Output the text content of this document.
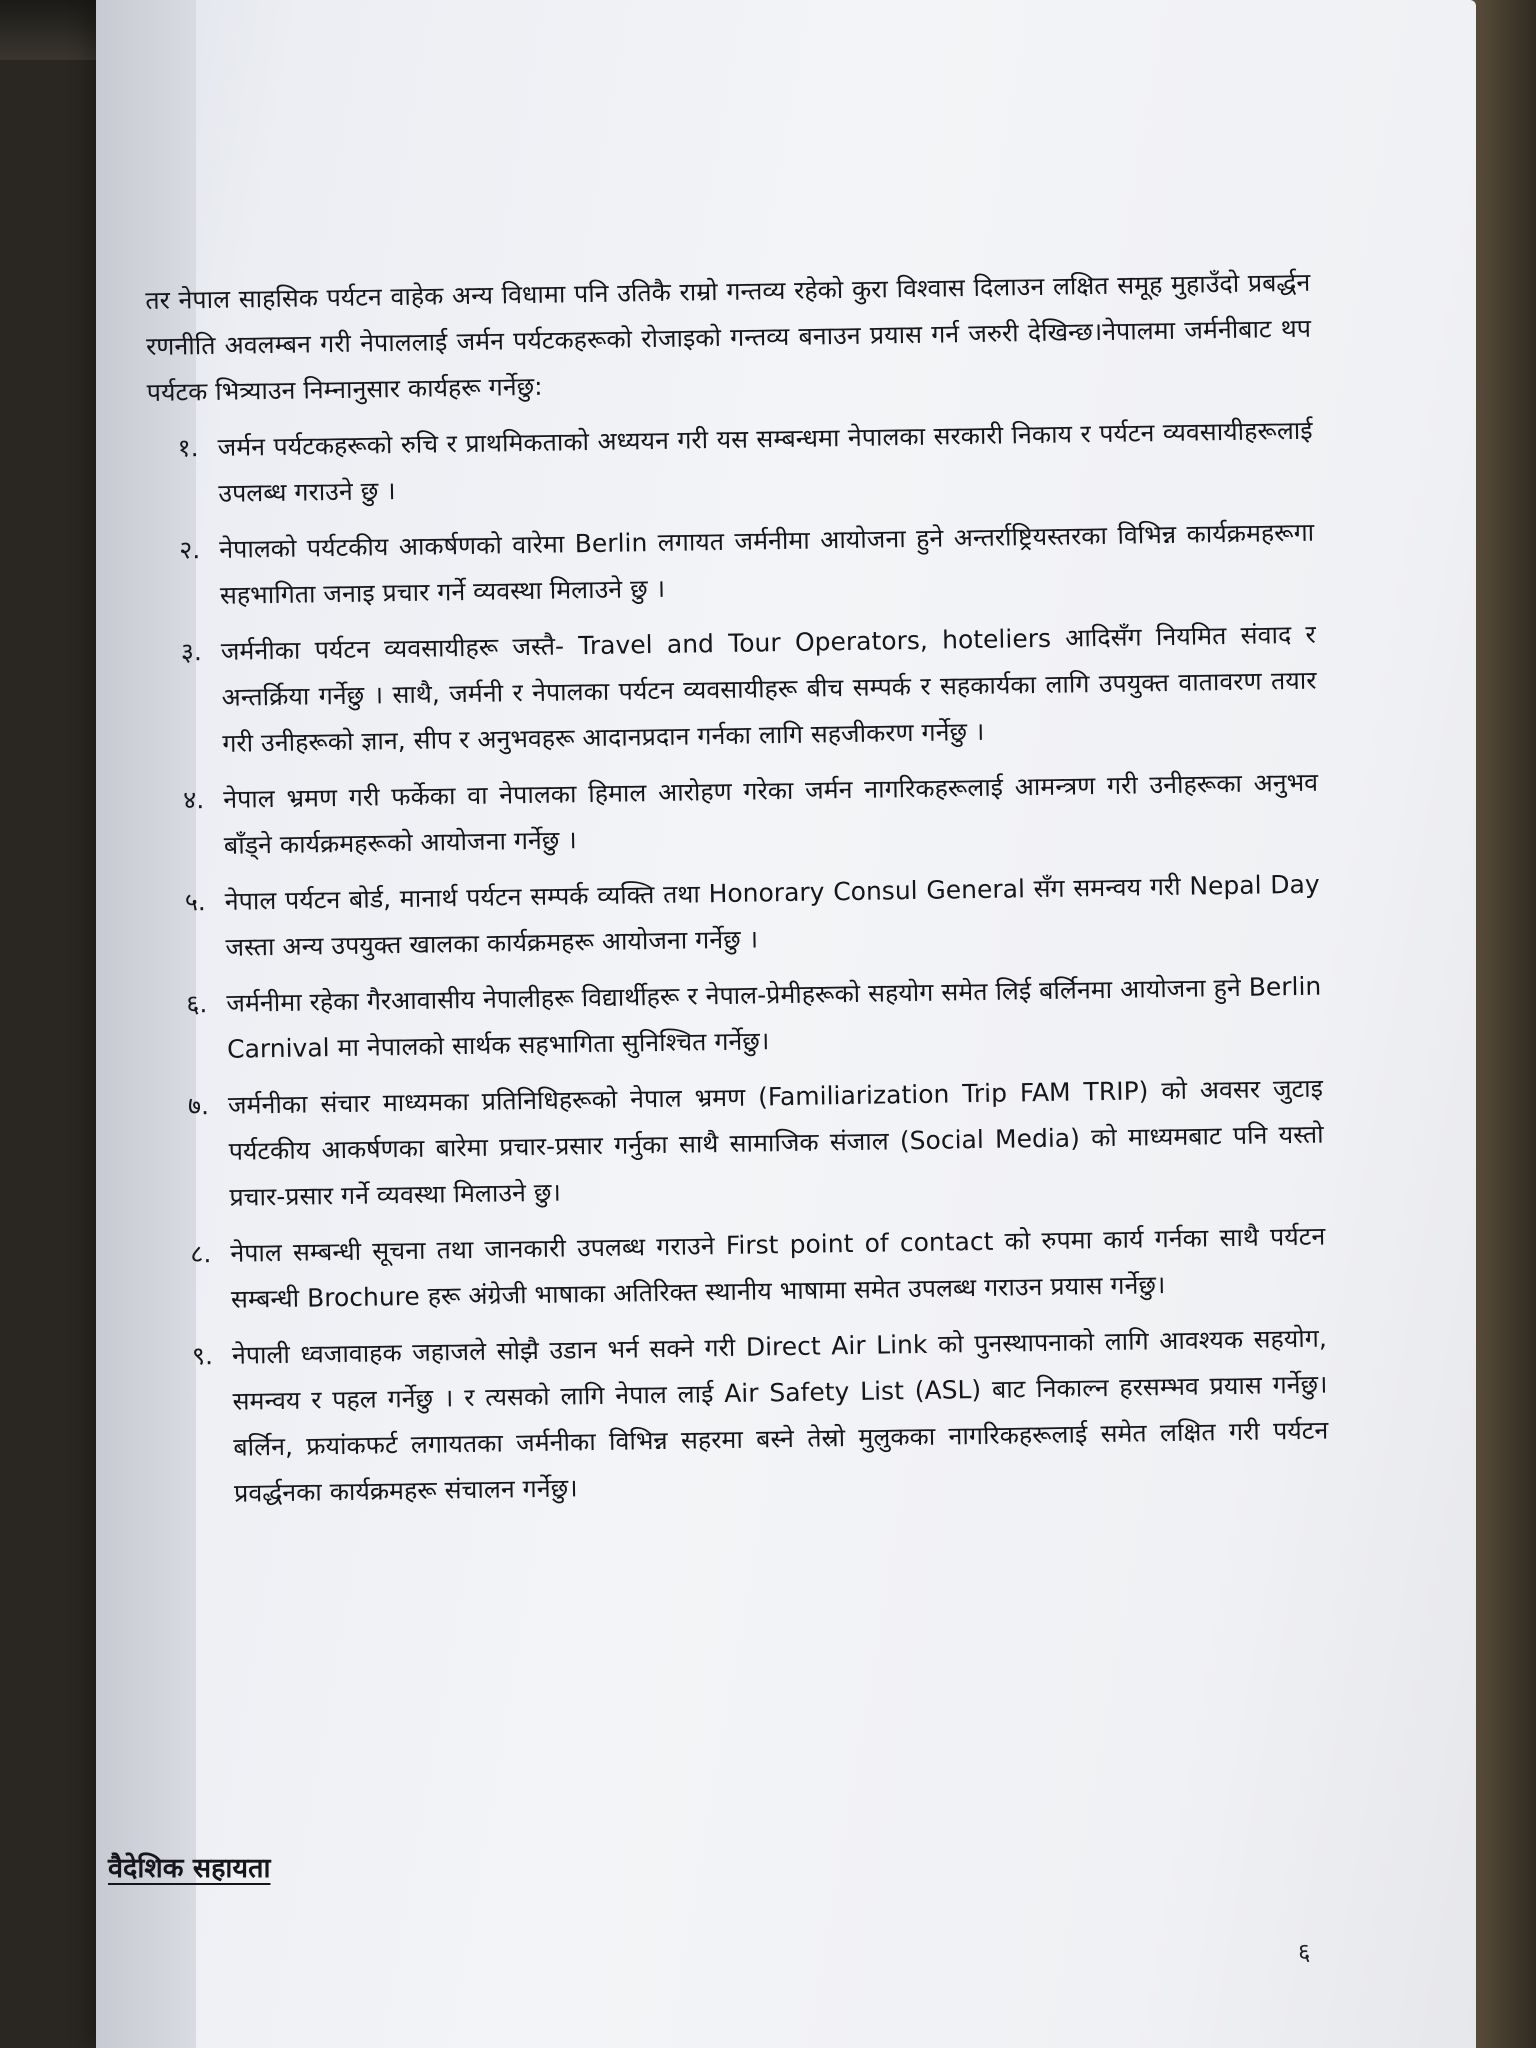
तर नेपाल साहसिक पर्यटन वाहेक अन्य विधामा पनि उतिकै राम्रो गन्तव्य रहेको कुरा विश्वास दिलाउन लक्षित समूह मुहाउँदो प्रबर्द्धन रणनीति अवलम्बन गरी नेपाललाई जर्मन पर्यटकहरूको रोजाइको गन्तव्य बनाउन प्रयास गर्न जरुरी देखिन्छ।नेपालमा जर्मनीबाट थप पर्यटक भित्र्याउन निम्नानुसार कार्यहरू गर्नेछु:

१. जर्मन पर्यटकहरूको रुचि र प्राथमिकताको अध्ययन गरी यस सम्बन्धमा नेपालका सरकारी निकाय र पर्यटन व्यवसायीहरूलाई उपलब्ध गराउने छु ।
२. नेपालको पर्यटकीय आकर्षणको वारेमा Berlin लगायत जर्मनीमा आयोजना हुने अन्तर्राष्ट्रियस्तरका विभिन्न कार्यक्रमहरूगा सहभागिता जनाइ प्रचार गर्ने व्यवस्था मिलाउने छु ।
३. जर्मनीका पर्यटन व्यवसायीहरू जस्तै- Travel and Tour Operators, hoteliers आदिसँग नियमित संवाद र अन्तर्क्रिया गर्नेछु । साथै, जर्मनी र नेपालका पर्यटन व्यवसायीहरू बीच सम्पर्क र सहकार्यका लागि उपयुक्त वातावरण तयार गरी उनीहरूको ज्ञान, सीप र अनुभवहरू आदानप्रदान गर्नका लागि सहजीकरण गर्नेछु ।
४. नेपाल भ्रमण गरी फर्केका वा नेपालका हिमाल आरोहण गरेका जर्मन नागरिकहरूलाई आमन्त्रण गरी उनीहरूका अनुभव बाँड्ने कार्यक्रमहरूको आयोजना गर्नेछु ।
५. नेपाल पर्यटन बोर्ड, मानार्थ पर्यटन सम्पर्क व्यक्ति तथा Honorary Consul General सँग समन्वय गरी Nepal Day जस्ता अन्य उपयुक्त खालका कार्यक्रमहरू आयोजना गर्नेछु ।
६. जर्मनीमा रहेका गैरआवासीय नेपालीहरू विद्यार्थीहरू र नेपाल-प्रेमीहरूको सहयोग समेत लिई बर्लिनमा आयोजना हुने Berlin Carnival मा नेपालको सार्थक सहभागिता सुनिश्चित गर्नेछु।
७. जर्मनीका संचार माध्यमका प्रतिनिधिहरूको नेपाल भ्रमण (Familiarization Trip FAM TRIP) को अवसर जुटाइ पर्यटकीय आकर्षणका बारेमा प्रचार-प्रसार गर्नुका साथै सामाजिक संजाल (Social Media) को माध्यमबाट पनि यस्तो प्रचार-प्रसार गर्ने व्यवस्था मिलाउने छु।
८. नेपाल सम्बन्धी सूचना तथा जानकारी उपलब्ध गराउने First point of contact को रुपमा कार्य गर्नका साथै पर्यटन सम्बन्धी Brochure हरू अंग्रेजी भाषाका अतिरिक्त स्थानीय भाषामा समेत उपलब्ध गराउन प्रयास गर्नेछु।
९. नेपाली ध्वजावाहक जहाजले सोझै उडान भर्न सक्ने गरी Direct Air Link को पुनस्थापनाको लागि आवश्यक सहयोग, समन्वय र पहल गर्नेछु । र त्यसको लागि नेपाल लाई Air Safety List (ASL) बाट निकाल्न हरसम्भव प्रयास गर्नेछु। बर्लिन, फ्रयांकफर्ट लगायतका जर्मनीका विभिन्न सहरमा बस्ने तेस्रो मुलुकका नागरिकहरूलाई समेत लक्षित गरी पर्यटन प्रवर्द्धनका कार्यक्रमहरू संचालन गर्नेछु।
वैदेशिक सहायता
६
